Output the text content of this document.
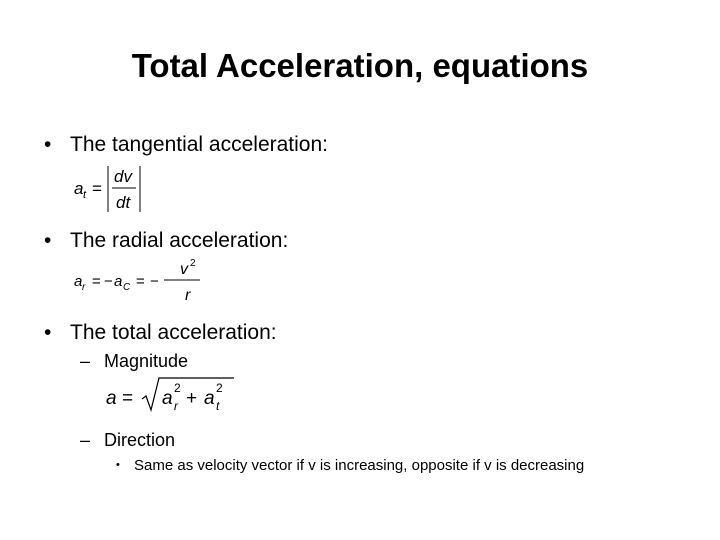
Total Acceleration, equations
• The tangential acceleration:
a t =
dv
dt
• The radial acceleration:
a r = − a C = −
v 2
r
• The total acceleration:
– Magnitude
a = a 2
r + a 2
t
– Direction
• Same as velocity vector if v is increasing, opposite if v is decreasing
